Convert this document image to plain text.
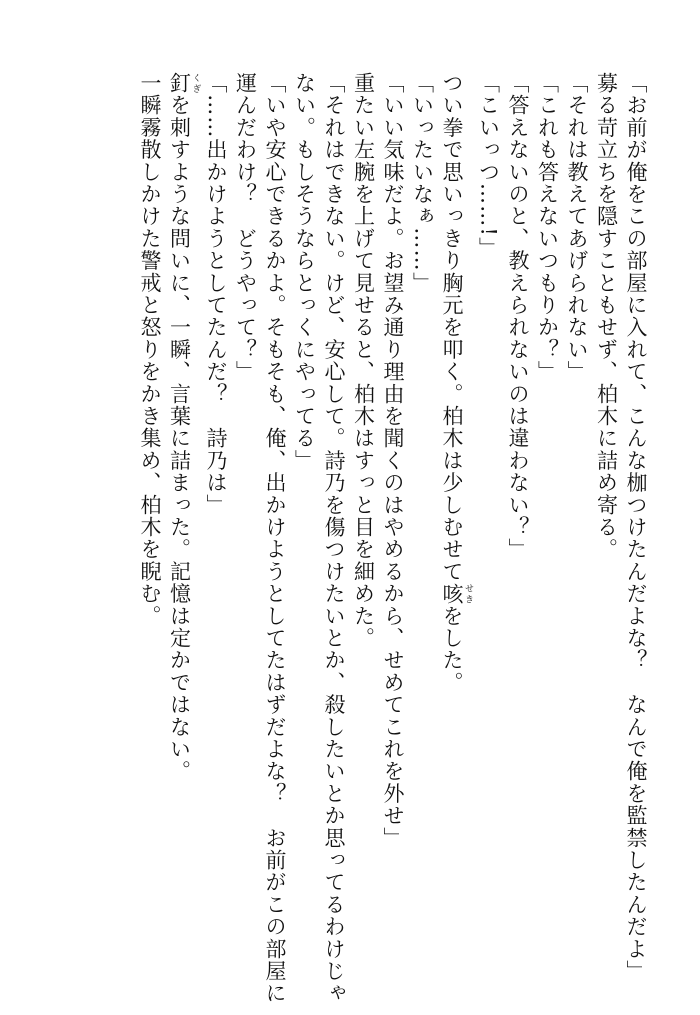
「お前が俺をこの部屋に入れて、こんな枷つけたんだよな？　なんで俺を監禁したんだよ」

募る苛立ちを隠すこともせず、柏木に詰め寄る。

「それは教えてあげられない」

「これも答えないつもりか？」

「答えないのと、教えられないのは違わない？」

「こいっつ……!」

つい拳で思いっきり胸元を叩く。柏木は少しむせて咳 せきをした。

「いったいなぁ……」

「いい気味だよ。お望み通り理由を聞くのはやめるから、せめてこれを外せ」

重たい左腕を上げて見せると、柏木はすっと目を細めた。

「それはできない。けど、安心して。詩乃を傷つけたいとか、殺したいとか思ってるわけじゃ

ない。もしそうならとっくにやってる」

「いや安心できるかよ。そもそも、俺、出かけようとしてたはずだよな？　お前がこの部屋に

運んだわけ？　どうやって？」

「……出かけようとしてたんだ？　詩乃は」

釘 くぎを刺すような問いに、一瞬、言葉に詰まった。記憶は定かではない。

一瞬霧散しかけた警戒と怒りをかき集め、柏木を睨む。
